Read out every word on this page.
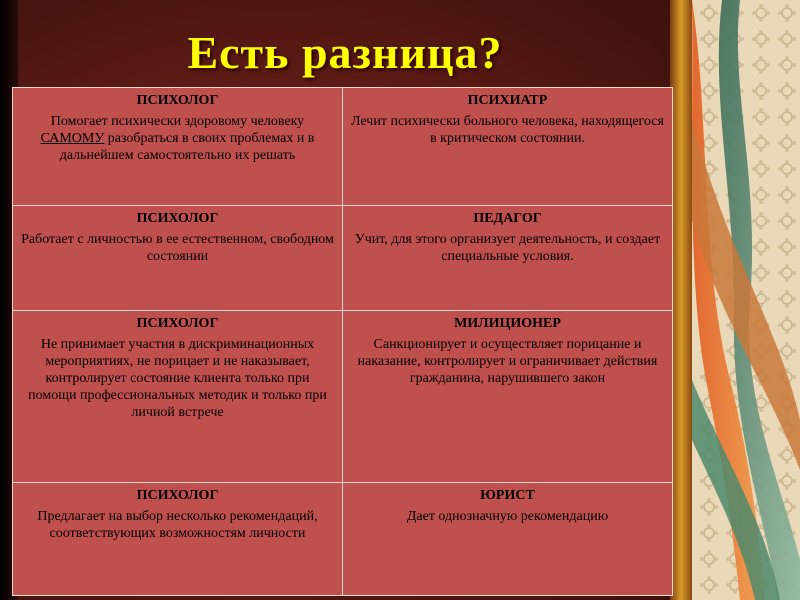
Есть разница?
ПСИХОЛОГ
Помогает психически здоровому человеку САМОМУ разобраться в своих проблемах и в дальнейшем самостоятельно их решать	ПСИХИАТР
Лечит психически больного человека, находящегося в критическом состоянии.

ПСИХОЛОГ
Работает с личностью в ее естественном, свободном состоянии	ПЕДАГОГ
Учит, для этого организует деятельность, и создает специальные условия.

ПСИХОЛОГ
Не принимает участия в дискриминационных мероприятиях, не порицает и не наказывает, контролирует состояние клиента только при помощи профессиональных методик и только при личной встрече	МИЛИЦИОНЕР
Санкционирует и осуществляет порицание и наказание, контролирует и ограничивает действия гражданина, нарушившего закон

ПСИХОЛОГ
Предлагает на выбор несколько рекомендаций, соответствующих возможностям личности	ЮРИСТ
Дает однозначную рекомендацию
